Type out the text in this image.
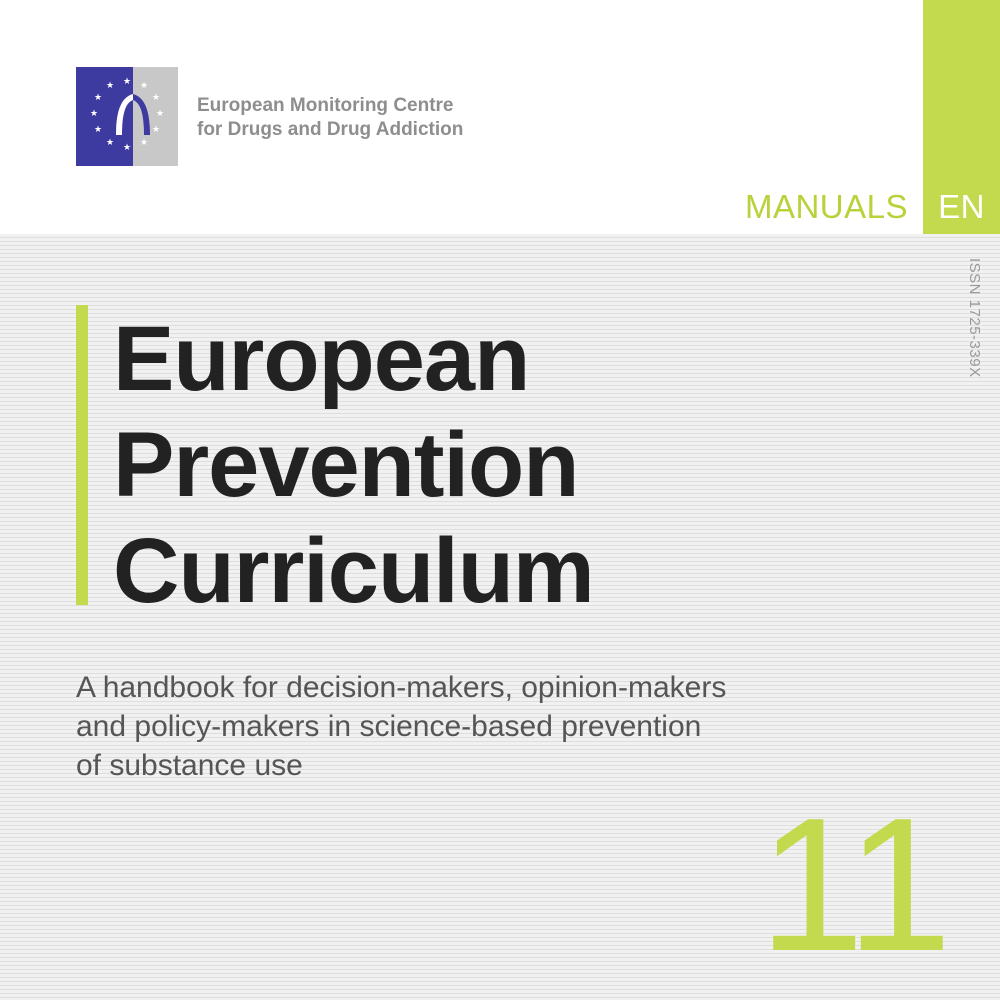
EN
MANUALS
★ ★
★
★
★
★
★
★
★
★
★
★
European Monitoring Centre
for Drugs and Drug Addiction
ISSN 1725-339X
European
Prevention
Curriculum
A handbook for decision-makers, opinion-makers
and policy-makers in science-based prevention
of substance use
11
